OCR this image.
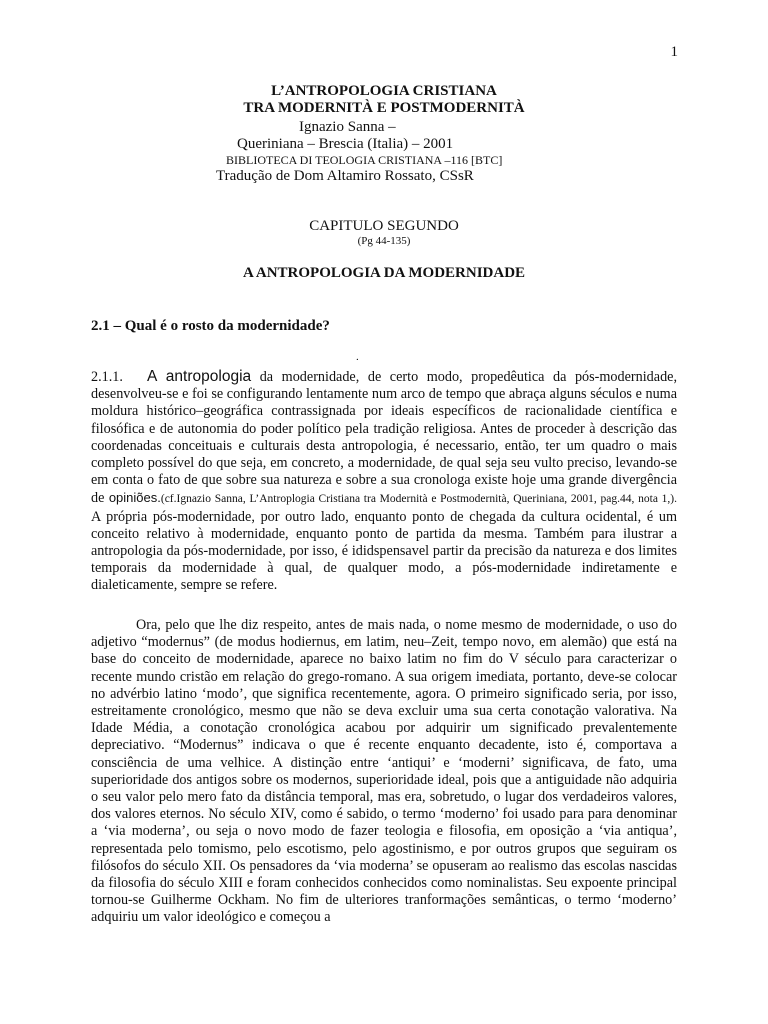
1
L’ANTROPOLOGIA CRISTIANA
TRA MODERNITÀ E POSTMODERNITÀ
Ignazio Sanna –
Queriniana – Brescia (Italia) – 2001
BIBLIOTECA DI TEOLOGIA CRISTIANA –116 [BTC]
Tradução de Dom Altamiro Rossato, CSsR
CAPITULO SEGUNDO
(Pg 44-135)
A ANTROPOLOGIA DA MODERNIDADE
2.1 – Qual é o rosto da modernidade?
.
2.1.1. A antropologia da modernidade, de certo modo, propedêutica da pós-modernidade, desenvolveu-se e foi se configurando lentamente num arco de tempo que abraça alguns séculos e numa moldura histórico–geográfica contrassignada por ideais específicos de racionalidade científica e filosófica e de autonomia do poder político pela tradição religiosa. Antes de proceder à descrição das coordenadas conceituais e culturais desta antropologia, é necessario, então, ter um quadro o mais completo possível do que seja, em concreto, a modernidade, de qual seja seu vulto preciso, levando-se em conta o fato de que sobre sua natureza e sobre a sua cronologa existe hoje uma grande divergência de opiniões.(cf.Ignazio Sanna, L’Antroplogia Cristiana tra Modernità e Postmodernità, Queriniana, 2001, pag.44, nota 1,). A própria pós-modernidade, por outro lado, enquanto ponto de chegada da cultura ocidental, é um conceito relativo à modernidade, enquanto ponto de partida da mesma. Também para ilustrar a antropologia da pós-modernidade, por isso, é ididspensavel partir da precisão da natureza e dos limites temporais da modernidade à qual, de qualquer modo, a pós-modernidade indiretamente e dialeticamente, sempre se refere.
Ora, pelo que lhe diz respeito, antes de mais nada, o nome mesmo de modernidade, o uso do adjetivo “modernus” (de modus hodiernus, em latim, neu–Zeit, tempo novo, em alemão) que está na base do conceito de modernidade, aparece no baixo latim no fim do V século para caracterizar o recente mundo cristão em relação do grego-romano. A sua origem imediata, portanto, deve-se colocar no advérbio latino ‘modo’, que significa recentemente, agora. O primeiro significado seria, por isso, estreitamente cronológico, mesmo que não se deva excluir uma sua certa conotação valorativa. Na Idade Média, a conotação cronológica acabou por adquirir um significado prevalentemente depreciativo. “Modernus” indicava o que é recente enquanto decadente, isto é, comportava a consciência de uma velhice. A distinção entre ‘antiqui’ e ‘moderni’ significava, de fato, uma superioridade dos antigos sobre os modernos, superioridade ideal, pois que a antiguidade não adquiria o seu valor pelo mero fato da distância temporal, mas era, sobretudo, o lugar dos verdadeiros valores, dos valores eternos. No século XIV, como é sabido, o termo ‘moderno’ foi usado para para denominar a ‘via moderna’, ou seja o novo modo de fazer teologia e filosofia, em oposição a ‘via antiqua’, representada pelo tomismo, pelo escotismo, pelo agostinismo, e por outros grupos que seguiram os filósofos do século XII. Os pensadores da ‘via moderna’ se opuseram ao realismo das escolas nascidas da filosofia do século XIII e foram conhecidos conhecidos como nominalistas. Seu expoente principal tornou-se Guilherme Ockham. No fim de ulteriores tranformações semânticas, o termo ‘moderno’ adquiriu um valor ideológico e começou a
